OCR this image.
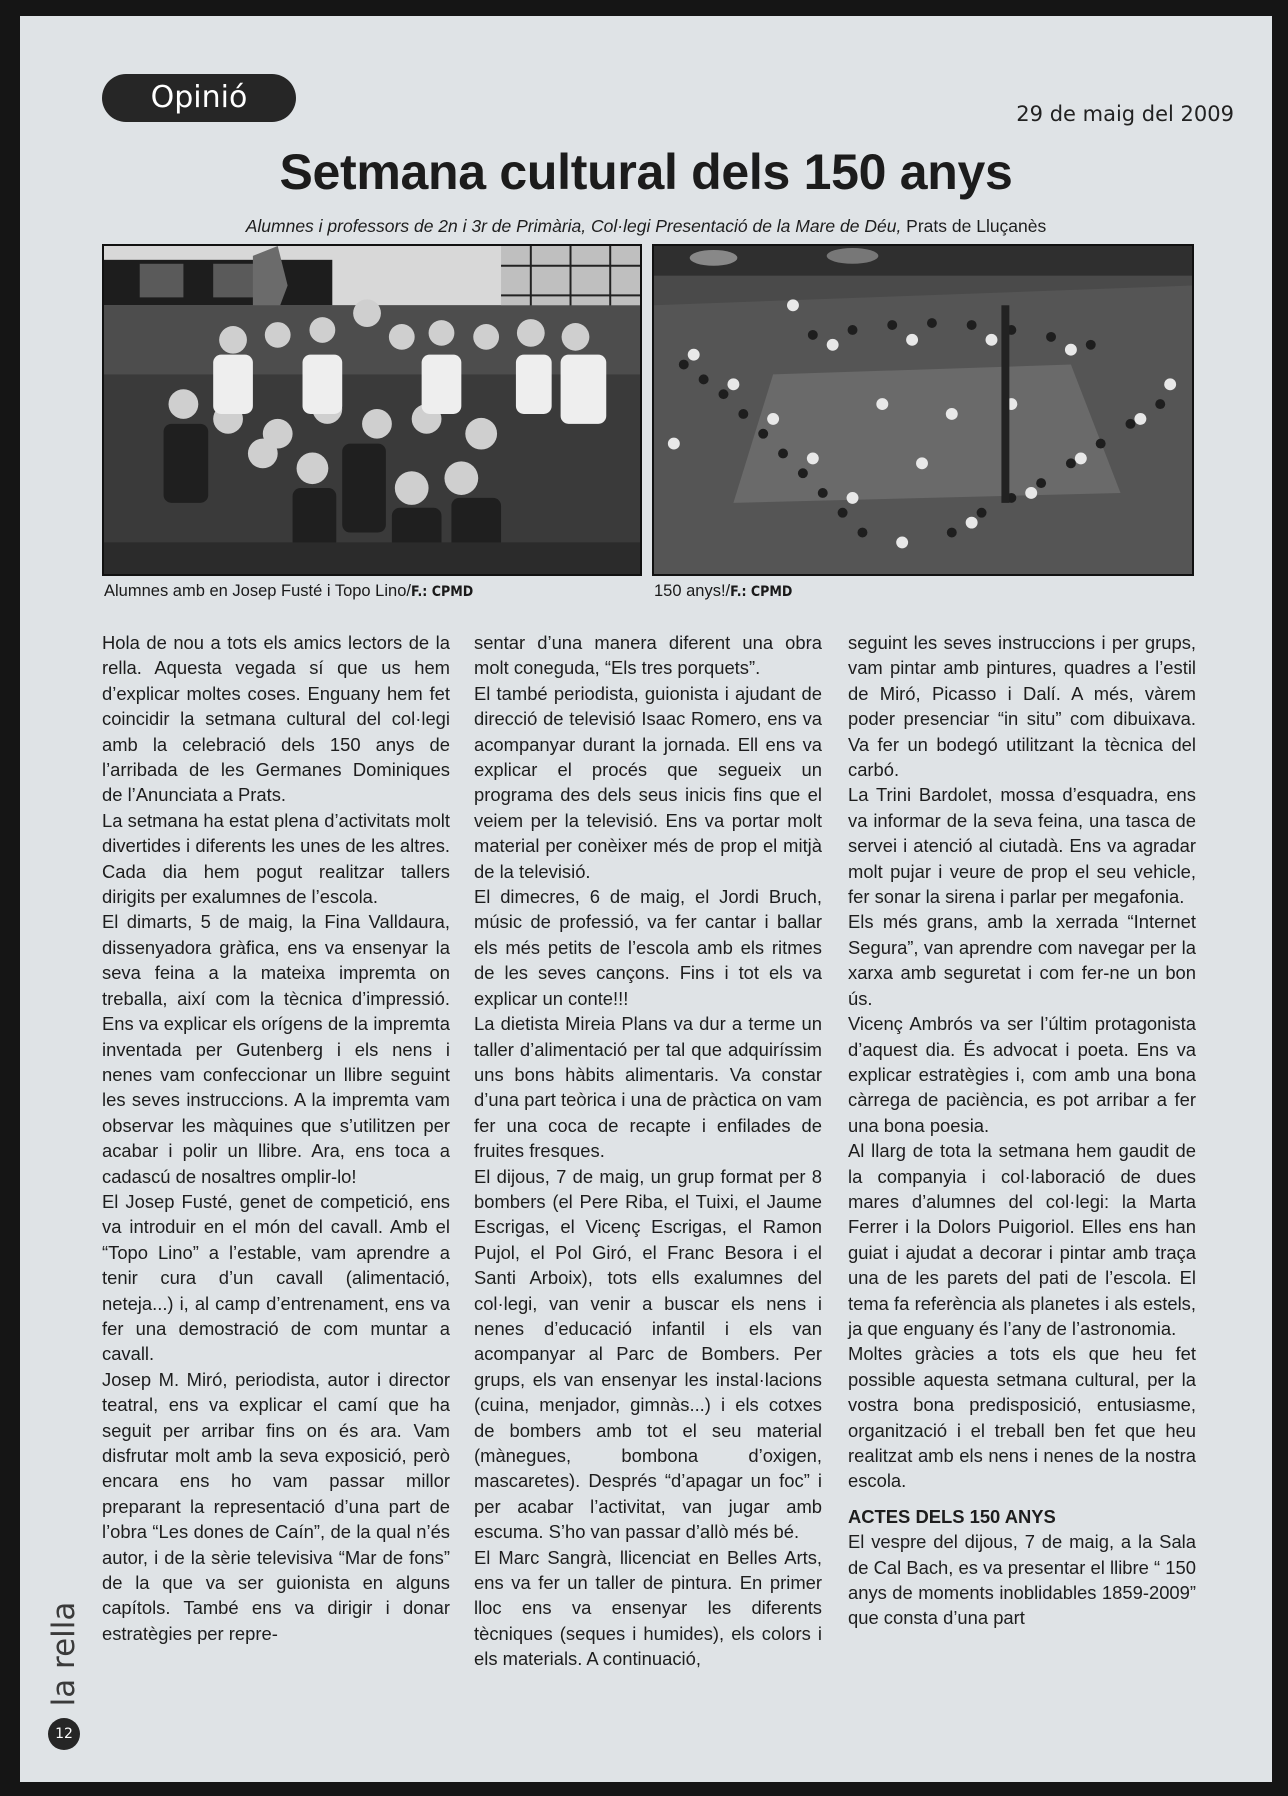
Opinió	29 de maig del 2009
Setmana cultural dels 150 anys
Alumnes i professors de 2n i 3r de Primària, Col·legi Presentació de la Mare de Déu, Prats de Lluçanès
Alumnes amb en Josep Fusté i Topo Lino/F.: CPMD	150 anys!/F.: CPMD

Hola de nou a tots els amics lectors de la rella. Aquesta vegada sí que us hem d’explicar moltes coses. Enguany hem fet coincidir la setmana cultural del col·legi amb la celebració dels 150 anys de l’arribada de les Germanes Dominiques de l’Anunciata a Prats.

La setmana ha estat plena d’activitats molt divertides i diferents les unes de les altres. Cada dia hem pogut realitzar tallers dirigits per exalumnes de l’escola.

El dimarts, 5 de maig, la Fina Valldaura, dissenyadora gràfica, ens va ensenyar la seva feina a la mateixa impremta on treballa, així com la tècnica d’impressió. Ens va explicar els orígens de la impremta inventada per Gutenberg i els nens i nenes vam confeccionar un llibre seguint les seves instruccions. A la impremta vam observar les màquines que s’utilitzen per acabar i polir un llibre. Ara, ens toca a cadascú de nosaltres omplir-lo!

El Josep Fusté, genet de competició, ens va introduir en el món del cavall. Amb el “Topo Lino” a l’estable, vam aprendre a tenir cura d’un cavall (alimentació, neteja...) i, al camp d’entrenament, ens va fer una demostració de com muntar a cavall.

Josep M. Miró, periodista, autor i director teatral, ens va explicar el camí que ha seguit per arribar fins on és ara. Vam disfrutar molt amb la seva exposició, però encara ens ho vam passar millor preparant la representació d’una part de l’obra “Les dones de Caín”, de la qual n’és autor, i de la sèrie televisiva “Mar de fons” de la que va ser guionista en alguns capítols. També ens va dirigir i donar estratègies per repre-

sentar d’una manera diferent una obra molt coneguda, “Els tres porquets”.

El també periodista, guionista i ajudant de direcció de televisió Isaac Romero, ens va acompanyar durant la jornada. Ell ens va explicar el procés que segueix un programa des dels seus inicis fins que el veiem per la televisió. Ens va portar molt material per conèixer més de prop el mitjà de la televisió.

El dimecres, 6 de maig, el Jordi Bruch, músic de professió, va fer cantar i ballar els més petits de l’escola amb els ritmes de les seves cançons. Fins i tot els va explicar un conte!!!

La dietista Mireia Plans va dur a terme un taller d’alimentació per tal que adquiríssim uns bons hàbits alimentaris. Va constar d’una part teòrica i una de pràctica on vam fer una coca de recapte i enfilades de fruites fresques.

El dijous, 7 de maig, un grup format per 8 bombers (el Pere Riba, el Tuixi, el Jaume Escrigas, el Vicenç Escrigas, el Ramon Pujol, el Pol Giró, el Franc Besora i el Santi Arboix), tots ells exalumnes del col·legi, van venir a buscar els nens i nenes d’educació infantil i els van acompanyar al Parc de Bombers. Per grups, els van ensenyar les instal·lacions (cuina, menjador, gimnàs...) i els cotxes de bombers amb tot el seu material (mànegues, bombona d’oxigen, mascaretes). Després “d’apagar un foc” i per acabar l’activitat, van jugar amb escuma. S’ho van passar d’allò més bé.

El Marc Sangrà, llicenciat en Belles Arts, ens va fer un taller de pintura. En primer lloc ens va ensenyar les diferents tècniques (seques i humides), els colors i els materials. A continuació,

seguint les seves instruccions i per grups, vam pintar amb pintures, quadres a l’estil de Miró, Picasso i Dalí. A més, vàrem poder presenciar “in situ” com dibuixava. Va fer un bodegó utilitzant la tècnica del carbó.

La Trini Bardolet, mossa d’esquadra, ens va informar de la seva feina, una tasca de servei i atenció al ciutadà. Ens va agradar molt pujar i veure de prop el seu vehicle, fer sonar la sirena i parlar per megafonia.

Els més grans, amb la xerrada “Internet Segura”, van aprendre com navegar per la xarxa amb seguretat i com fer-ne un bon ús.

Vicenç Ambrós va ser l’últim protagonista d’aquest dia. És advocat i poeta. Ens va explicar estratègies i, com amb una bona càrrega de paciència, es pot arribar a fer una bona poesia.

Al llarg de tota la setmana hem gaudit de la companyia i col·laboració de dues mares d’alumnes del col·legi: la Marta Ferrer i la Dolors Puigoriol. Elles ens han guiat i ajudat a decorar i pintar amb traça una de les parets del pati de l’escola. El tema fa referència als planetes i als estels, ja que enguany és l’any de l’astronomia.

Moltes gràcies a tots els que heu fet possible aquesta setmana cultural, per la vostra bona predisposició, entusiasme, organització i el treball ben fet que heu realitzat amb els nens i nenes de la nostra escola.

ACTES DELS 150 ANYS

El vespre del dijous, 7 de maig, a la Sala de Cal Bach, es va presentar el llibre “ 150 anys de moments inoblidables 1859-2009” que consta d’una part

la rella
12
